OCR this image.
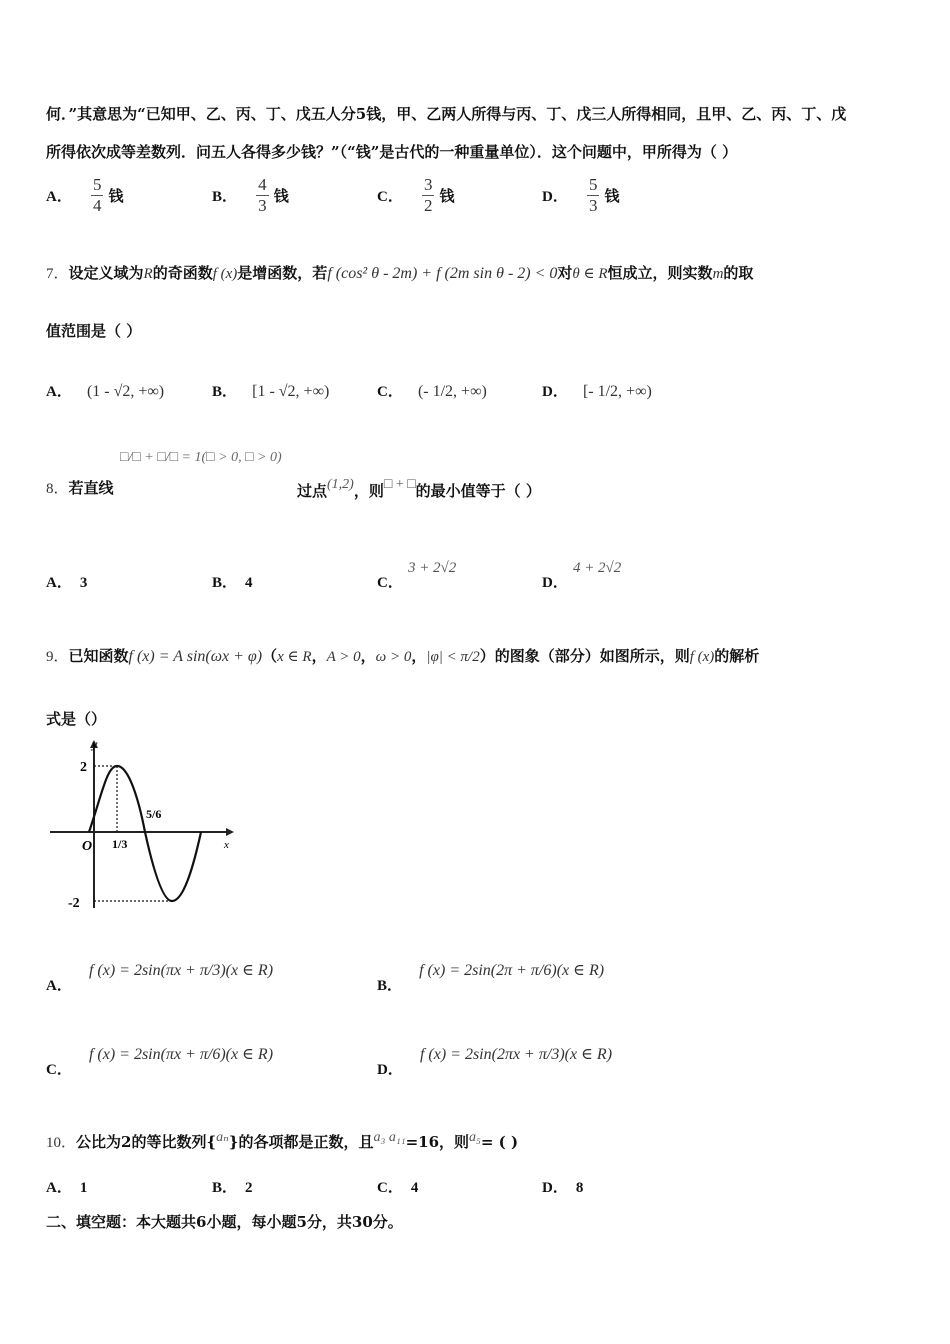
何．”其意思为“已知甲、乙、丙、丁、戊五人分5钱，甲、乙两人所得与丙、丁、戊三人所得相同，且甲、乙、丙、丁、戊
所得依次成等差数列．问五人各得多少钱？”（“钱”是古代的一种重量单位）．这个问题中，甲所得为（ ）
A． $\frac{5}{4}$ 钱	B． $\frac{4}{3}$ 钱	C． $\frac{3}{2}$ 钱	D． $\frac{5}{3}$ 钱
7．设定义域为R的奇函数f (x)是增函数，若f (cos² θ - 2m) + f (2m sin θ - 2) < 0对θ ∈ R恒成立，则实数m的取
值范围是（ ）
A． (1 - √2, +∞)	B． [1 - √2, +∞)	C． (- 1/2, +∞)	D． [- 1/2, +∞)
□/□ + □/□ = 1(□ > 0, □ > 0)
8．若直线	过点(1,2)，则□ + □的最小值等于（ ）
A． 3	B． 4	C． 3 + 2√2
D． 4 + 2√2
9．已知函数f (x) = A sin(ωx + φ)（x ∈ R，A > 0，ω > 0，|φ| < π/2）的图象（部分）如图所示，则f (x)的解析
式是（）
y
x
O
2
-2
1/3
5/6
A． f (x) = 2sin(πx + π/3)(x ∈ R)
B． f (x) = 2sin(2π + π/6)(x ∈ R)
C． f (x) = 2sin(πx + π/6)(x ∈ R)
D． f (x) = 2sin(2πx + π/3)(x ∈ R)
10．公比为2的等比数列{aₙ}的各项都是正数，且a₃ a₁₁=16，则a₅= ( )
A． 1	B． 2	C． 4	D． 8
二、填空题：本大题共6小题，每小题5分，共30分。
